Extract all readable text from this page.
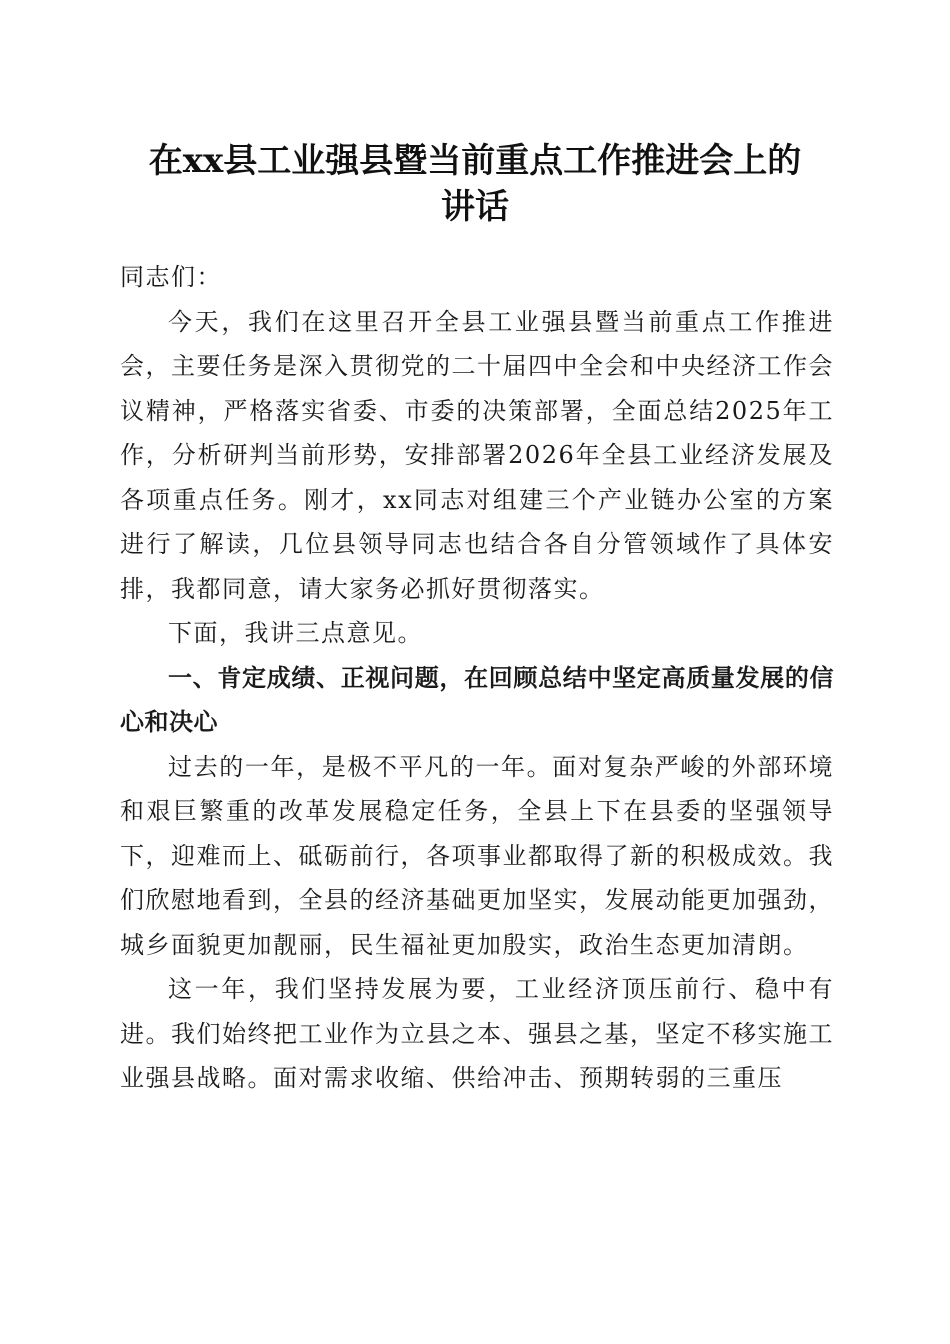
在xx县工业强县暨当前重点工作推进会上的
讲话

同志们：

今天，我们在这里召开全县工业强县暨当前重点工作推进会，主要任务是深入贯彻党的二十届四中全会和中央经济工作会议精神，严格落实省委、市委的决策部署，全面总结2025年工作，分析研判当前形势，安排部署2026年全县工业经济发展及各项重点任务。刚才，xx同志对组建三个产业链办公室的方案进行了解读，几位县领导同志也结合各自分管领域作了具体安排，我都同意，请大家务必抓好贯彻落实。

下面，我讲三点意见。

一、肯定成绩、正视问题，在回顾总结中坚定高质量发展的信心和决心

过去的一年，是极不平凡的一年。面对复杂严峻的外部环境和艰巨繁重的改革发展稳定任务，全县上下在县委的坚强领导下，迎难而上、砥砺前行，各项事业都取得了新的积极成效。我们欣慰地看到，全县的经济基础更加坚实，发展动能更加强劲，城乡面貌更加靓丽，民生福祉更加殷实，政治生态更加清朗。

这一年，我们坚持发展为要，工业经济顶压前行、稳中有进。我们始终把工业作为立县之本、强县之基，坚定不移实施工业强县战略。面对需求收缩、供给冲击、预期转弱的三重压
